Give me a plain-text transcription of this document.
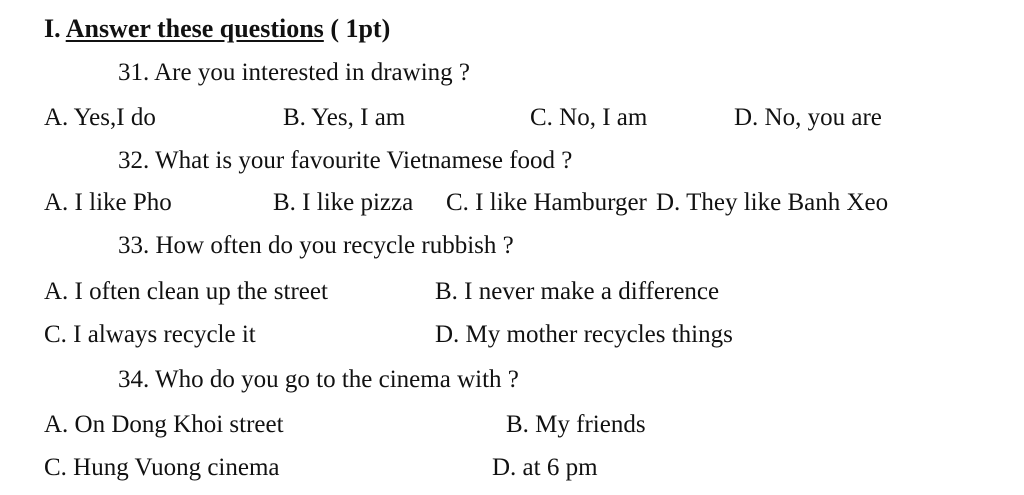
I. Answer these questions ( 1pt)
31. Are you interested in drawing ?
A. Yes,I do	B. Yes, I am	C. No, I am	D. No, you are
32. What is your favourite Vietnamese food ?
A. I like Pho	B. I like pizza C. I like Hamburger D. They like Banh Xeo
33. How often do you recycle rubbish ?
A. I often clean up the street	B. I never make a difference
C. I always recycle it	D. My mother recycles things
34. Who do you go to the cinema with ?
A. On Dong Khoi street	B. My friends
C. Hung Vuong cinema	D. at 6 pm
